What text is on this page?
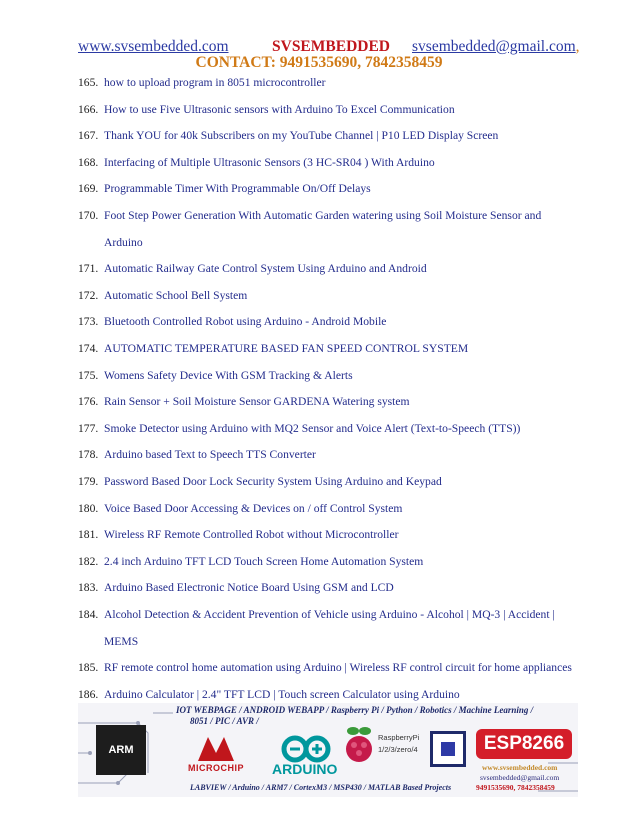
www.svsembedded.com	SVSEMBEDDED svsembedded@gmail.com,
CONTACT: 9491535690, 7842358459
165. how to upload program in 8051 microcontroller
166. How to use Five Ultrasonic sensors with Arduino To Excel Communication
167. Thank YOU for 40k Subscribers on my YouTube Channel | P10 LED Display Screen
168. Interfacing of Multiple Ultrasonic Sensors (3 HC-SR04 ) With Arduino
169. Programmable Timer With Programmable On/Off Delays
170. Foot Step Power Generation With Automatic Garden watering using Soil Moisture Sensor and
Arduino
171. Automatic Railway Gate Control System Using Arduino and Android
172. Automatic School Bell System
173. Bluetooth Controlled Robot using Arduino - Android Mobile
174. AUTOMATIC TEMPERATURE BASED FAN SPEED CONTROL SYSTEM
175. Womens Safety Device With GSM Tracking & Alerts
176. Rain Sensor + Soil Moisture Sensor GARDENA Watering system
177. Smoke Detector using Arduino with MQ2 Sensor and Voice Alert (Text-to-Speech (TTS))
178. Arduino based Text to Speech TTS Converter
179. Password Based Door Lock Security System Using Arduino and Keypad
180. Voice Based Door Accessing & Devices on / off Control System
181. Wireless RF Remote Controlled Robot without Microcontroller
182. 2.4 inch Arduino TFT LCD Touch Screen Home Automation System
183. Arduino Based Electronic Notice Board Using GSM and LCD
184. Alcohol Detection & Accident Prevention of Vehicle using Arduino - Alcohol | MQ-3 | Accident |
MEMS
185. RF remote control home automation using Arduino | Wireless RF control circuit for home appliances
186. Arduino Calculator | 2.4" TFT LCD | Touch screen Calculator using Arduino
IOT WEBPAGE / ANDROID WEBAPP / Raspberry Pi / Python / Robotics / Machine Learning /
8051 / PIC / AVR /
ARM
MICROCHIP ARDUINO
RaspberryPi
1/2/3/zero/4	ESP8266
www.svsembedded.com
svsembedded@gmail.com
9491535690, 7842358459
LABVIEW / Arduino / ARM7 / CortexM3 / MSP430 / MATLAB Based Projects
